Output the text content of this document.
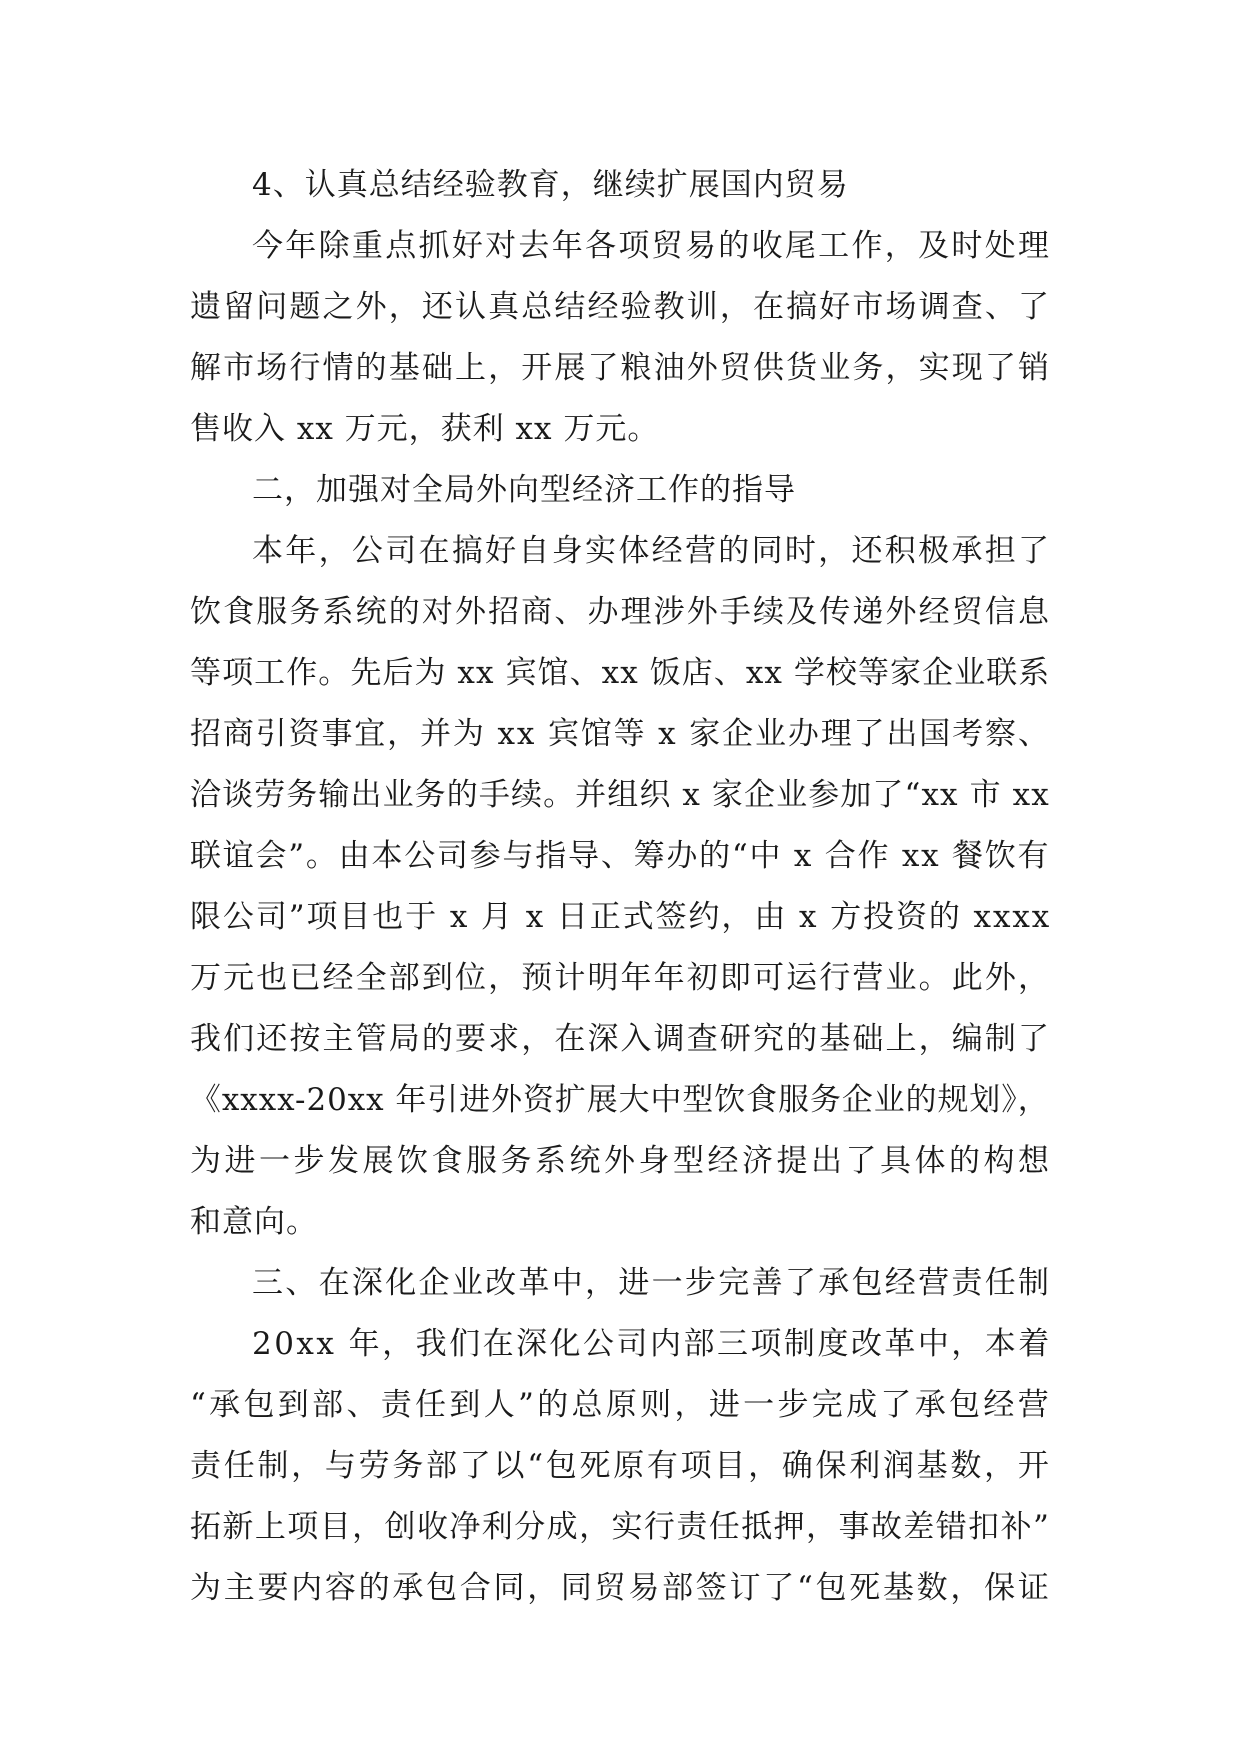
4、认真总结经验教育，继续扩展国内贸易
今年除重点抓好对去年各项贸易的收尾工作，及时处理
遗留问题之外，还认真总结经验教训，在搞好市场调查、了
解市场行情的基础上，开展了粮油外贸供货业务，实现了销
售收入 xx 万元，获利 xx 万元。
二，加强对全局外向型经济工作的指导
本年，公司在搞好自身实体经营的同时，还积极承担了
饮食服务系统的对外招商、办理涉外手续及传递外经贸信息
等项工作。先后为 xx 宾馆、xx 饭店、xx 学校等家企业联系
招商引资事宜，并为 xx 宾馆等 x 家企业办理了出国考察、
洽谈劳务输出业务的手续。并组织 x 家企业参加了“xx 市 xx
联谊会”。由本公司参与指导、筹办的“中 x 合作 xx 餐饮有
限公司”项目也于 x 月 x 日正式签约，由 x 方投资的 xxxx
万元也已经全部到位，预计明年年初即可运行营业。此外，
我们还按主管局的要求，在深入调查研究的基础上，编制了
《xxxx-20xx 年引进外资扩展大中型饮食服务企业的规划》，
为进一步发展饮食服务系统外身型经济提出了具体的构想
和意向。
三、在深化企业改革中，进一步完善了承包经营责任制
20xx 年，我们在深化公司内部三项制度改革中，本着
“承包到部、责任到人”的总原则，进一步完成了承包经营
责任制，与劳务部了以“包死原有项目，确保利润基数，开
拓新上项目，创收净利分成，实行责任抵押，事故差错扣补”
为主要内容的承包合同，同贸易部签订了“包死基数，保证
